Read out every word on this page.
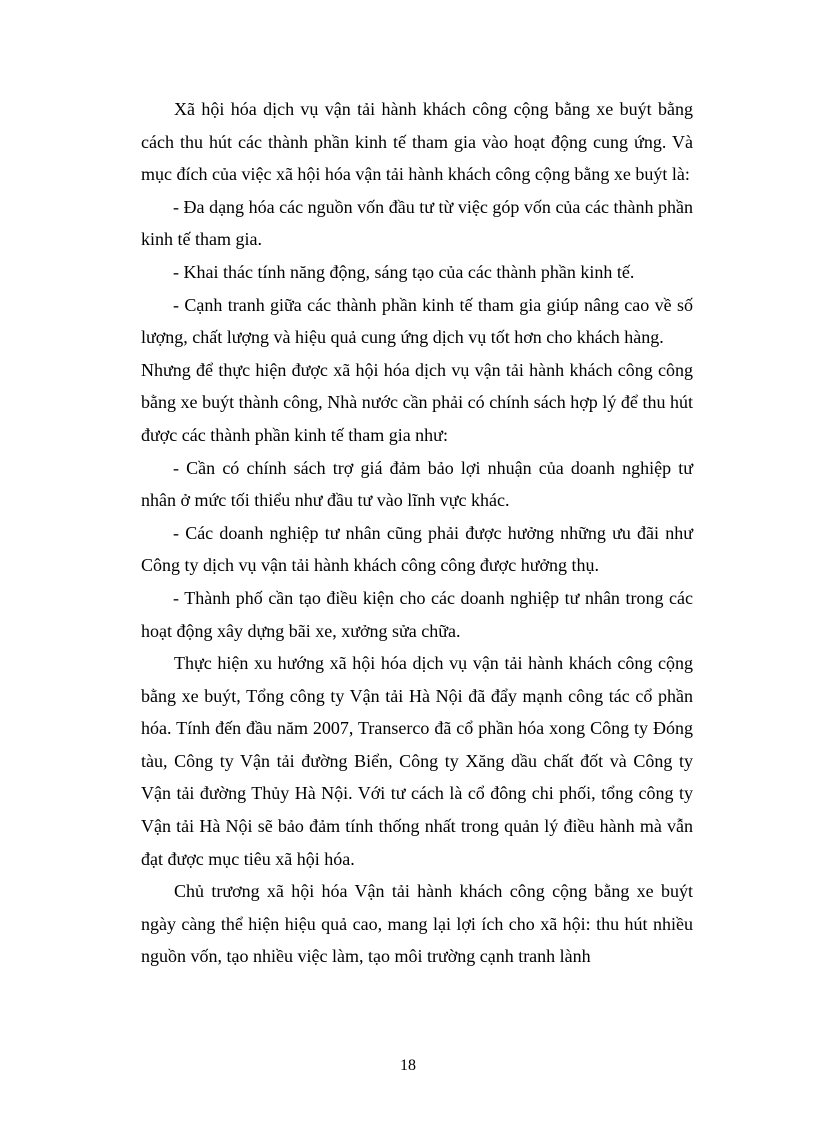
Xã hội hóa dịch vụ vận tải hành khách công cộng bằng xe buýt bằng cách thu hút các thành phần kinh tế tham gia vào hoạt động cung ứng. Và mục đích của việc xã hội hóa vận tải hành khách công cộng bằng xe buýt là:

- Đa dạng hóa các nguồn vốn đầu tư từ việc góp vốn của các thành phần kinh tế tham gia.

- Khai thác tính năng động, sáng tạo của các thành phần kinh tế.

- Cạnh tranh giữa các thành phần kinh tế tham gia giúp nâng cao về số lượng, chất lượng và hiệu quả cung ứng dịch vụ tốt hơn cho khách hàng.

Nhưng để thực hiện được xã hội hóa dịch vụ vận tải hành khách công công bằng xe buýt thành công, Nhà nước cần phải có chính sách hợp lý để thu hút được các thành phần kinh tế tham gia như:

- Cần có chính sách trợ giá đảm bảo lợi nhuận của doanh nghiệp tư nhân ở mức tối thiểu như đầu tư vào lĩnh vực khác.

- Các doanh nghiệp tư nhân cũng phải được hưởng những ưu đãi như Công ty dịch vụ vận tải hành khách công công được hưởng thụ.

- Thành phố cần tạo điều kiện cho các doanh nghiệp tư nhân trong các hoạt động xây dựng bãi xe, xưởng sửa chữa.

Thực hiện xu hướng xã hội hóa dịch vụ vận tải hành khách công cộng bằng xe buýt, Tổng công ty Vận tải Hà Nội đã đẩy mạnh công tác cổ phần hóa. Tính đến đầu năm 2007, Transerco đã cổ phần hóa xong Công ty Đóng tàu, Công ty Vận tải đường Biển, Công ty Xăng dầu chất đốt và Công ty Vận tải đường Thủy Hà Nội. Với tư cách là cổ đông chi phối, tổng công ty Vận tải Hà Nội sẽ bảo đảm tính thống nhất trong quản lý điều hành mà vẫn đạt được mục tiêu xã hội hóa.

Chủ trương xã hội hóa Vận tải hành khách công cộng bằng xe buýt ngày càng thể hiện hiệu quả cao, mang lại lợi ích cho xã hội: thu hút nhiều nguồn vốn, tạo nhiều việc làm, tạo môi trường cạnh tranh lành

18
